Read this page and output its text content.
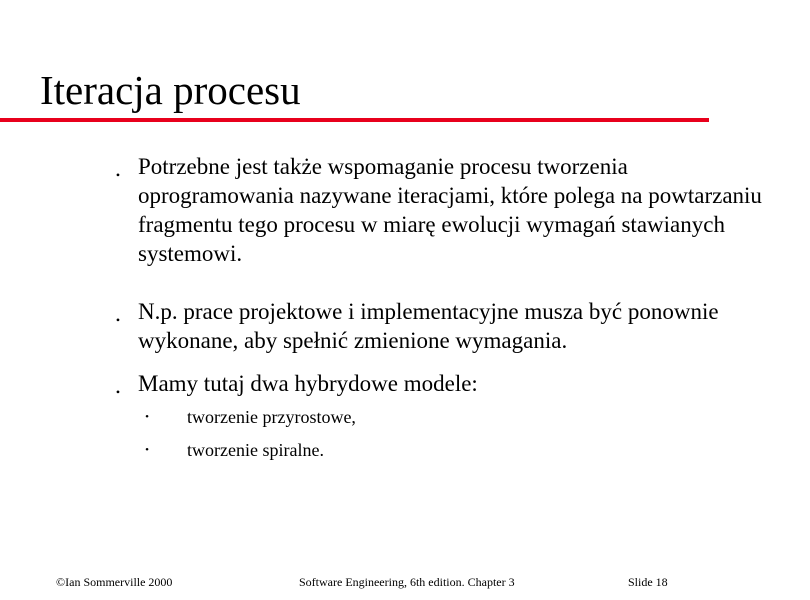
Iteracja procesu
• Potrzebne jest także wspomaganie procesu tworzenia oprogramowania nazywane iteracjami, które polega na powtarzaniu fragmentu tego procesu w miarę ewolucji wymagań stawianych systemowi.
• N.p. prace projektowe i implementacyjne musza być ponownie wykonane, aby spełnić zmienione wymagania.
• Mamy tutaj dwa hybrydowe modele:
• tworzenie przyrostowe,
• tworzenie spiralne.
©Ian Sommerville 2000	Software Engineering, 6th edition. Chapter 3	Slide 18
